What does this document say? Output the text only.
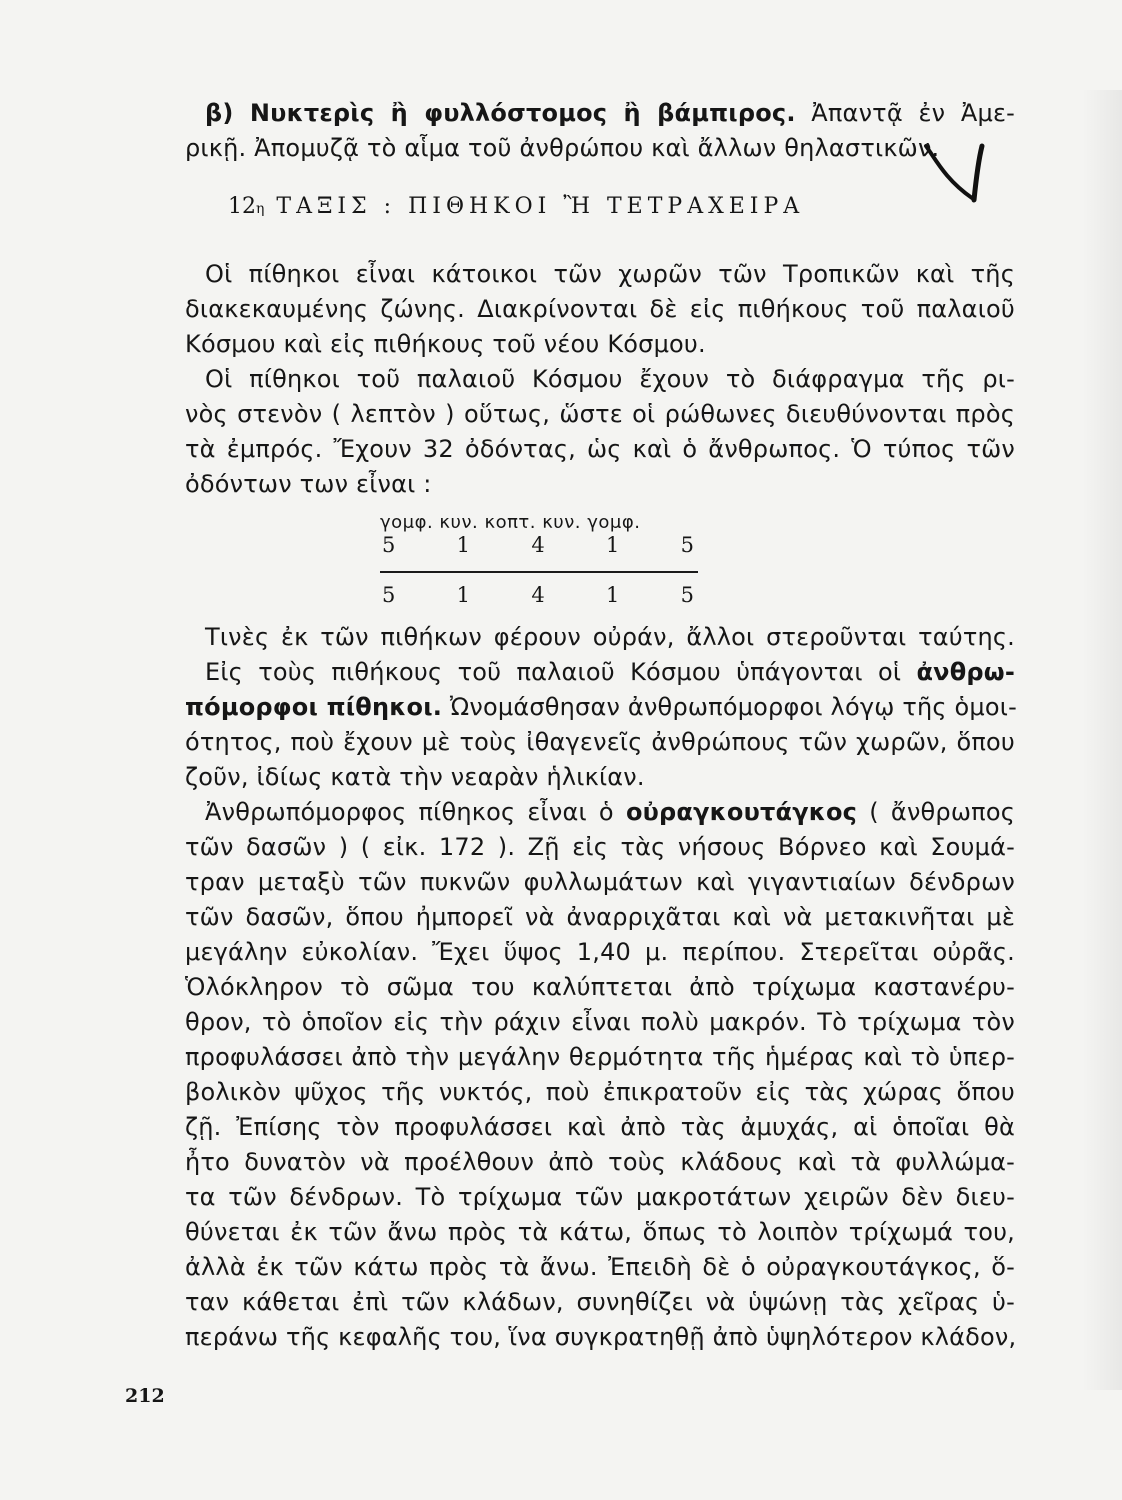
β) Νυκτερὶς ἢ φυλλόστομος ἢ βάμπιρος. Ἀπαντᾷ ἐν Ἀμε-
ρικῇ. Ἀπομυζᾷ τὸ αἷμα τοῦ ἀνθρώπου καὶ ἄλλων θηλαστικῶν.
12η ΤΑΞΙΣ : ΠΙΘΗΚΟΙ Ἢ ΤΕΤΡΑΧΕΙΡΑ
Οἱ πίθηκοι εἶναι κάτοικοι τῶν χωρῶν τῶν Τροπικῶν καὶ τῆς
διακεκαυμένης ζώνης. Διακρίνονται δὲ εἰς πιθήκους τοῦ παλαιοῦ
Κόσμου καὶ εἰς πιθήκους τοῦ νέου Κόσμου.
Οἱ πίθηκοι τοῦ παλαιοῦ Κόσμου ἔχουν τὸ διάφραγμα τῆς ρι-
νὸς στενὸν ( λεπτὸν ) οὕτως, ὥστε οἱ ρώθωνες διευθύνονται πρὸς
τὰ ἐμπρός. Ἔχουν 32 ὀδόντας, ὡς καὶ ὁ ἄνθρωπος. Ὁ τύπος τῶν
ὀδόντων των εἶναι :
γομφ. κυν. κοπτ. κυν. γομφ.
5	1	4	1	5
5	1	4	1	5
Τινὲς ἐκ τῶν πιθήκων φέρουν οὐράν, ἄλλοι στεροῦνται ταύτης.
Εἰς τοὺς πιθήκους τοῦ παλαιοῦ Κόσμου ὑπάγονται οἱ ἀνθρω-
πόμορφοι πίθηκοι. Ὠνομάσθησαν ἀνθρωπόμορφοι λόγῳ τῆς ὁμοι-
ότητος, ποὺ ἔχουν μὲ τοὺς ἰθαγενεῖς ἀνθρώπους τῶν χωρῶν, ὅπου
ζοῦν, ἰδίως κατὰ τὴν νεαρὰν ἡλικίαν.
Ἀνθρωπόμορφος πίθηκος εἶναι ὁ οὐραγκουτάγκος ( ἄνθρωπος
τῶν δασῶν ) ( εἰκ. 172 ). Ζῇ εἰς τὰς νήσους Βόρνεο καὶ Σουμά-
τραν μεταξὺ τῶν πυκνῶν φυλλωμάτων καὶ γιγαντιαίων δένδρων
τῶν δασῶν, ὅπου ἠμπορεῖ νὰ ἀναρριχᾶται καὶ νὰ μετακινῆται μὲ
μεγάλην εὐκολίαν. Ἔχει ὕψος 1,40 μ. περίπου. Στερεῖται οὐρᾶς.
Ὁλόκληρον τὸ σῶμα του καλύπτεται ἀπὸ τρίχωμα καστανέρυ-
θρον, τὸ ὁποῖον εἰς τὴν ράχιν εἶναι πολὺ μακρόν. Τὸ τρίχωμα τὸν
προφυλάσσει ἀπὸ τὴν μεγάλην θερμότητα τῆς ἡμέρας καὶ τὸ ὑπερ-
βολικὸν ψῦχος τῆς νυκτός, ποὺ ἐπικρατοῦν εἰς τὰς χώρας ὅπου
ζῇ. Ἐπίσης τὸν προφυλάσσει καὶ ἀπὸ τὰς ἀμυχάς, αἱ ὁποῖαι θὰ
ἦτο δυνατὸν νὰ προέλθουν ἀπὸ τοὺς κλάδους καὶ τὰ φυλλώμα-
τα τῶν δένδρων. Τὸ τρίχωμα τῶν μακροτάτων χειρῶν δὲν διευ-
θύνεται ἐκ τῶν ἄνω πρὸς τὰ κάτω, ὅπως τὸ λοιπὸν τρίχωμά του,
ἀλλὰ ἐκ τῶν κάτω πρὸς τὰ ἄνω. Ἐπειδὴ δὲ ὁ οὐραγκουτάγκος, ὅ-
ταν κάθεται ἐπὶ τῶν κλάδων, συνηθίζει νὰ ὑψώνῃ τὰς χεῖρας ὑ-
περάνω τῆς κεφαλῆς του, ἵνα συγκρατηθῇ ἀπὸ ὑψηλότερον κλάδον,
212
